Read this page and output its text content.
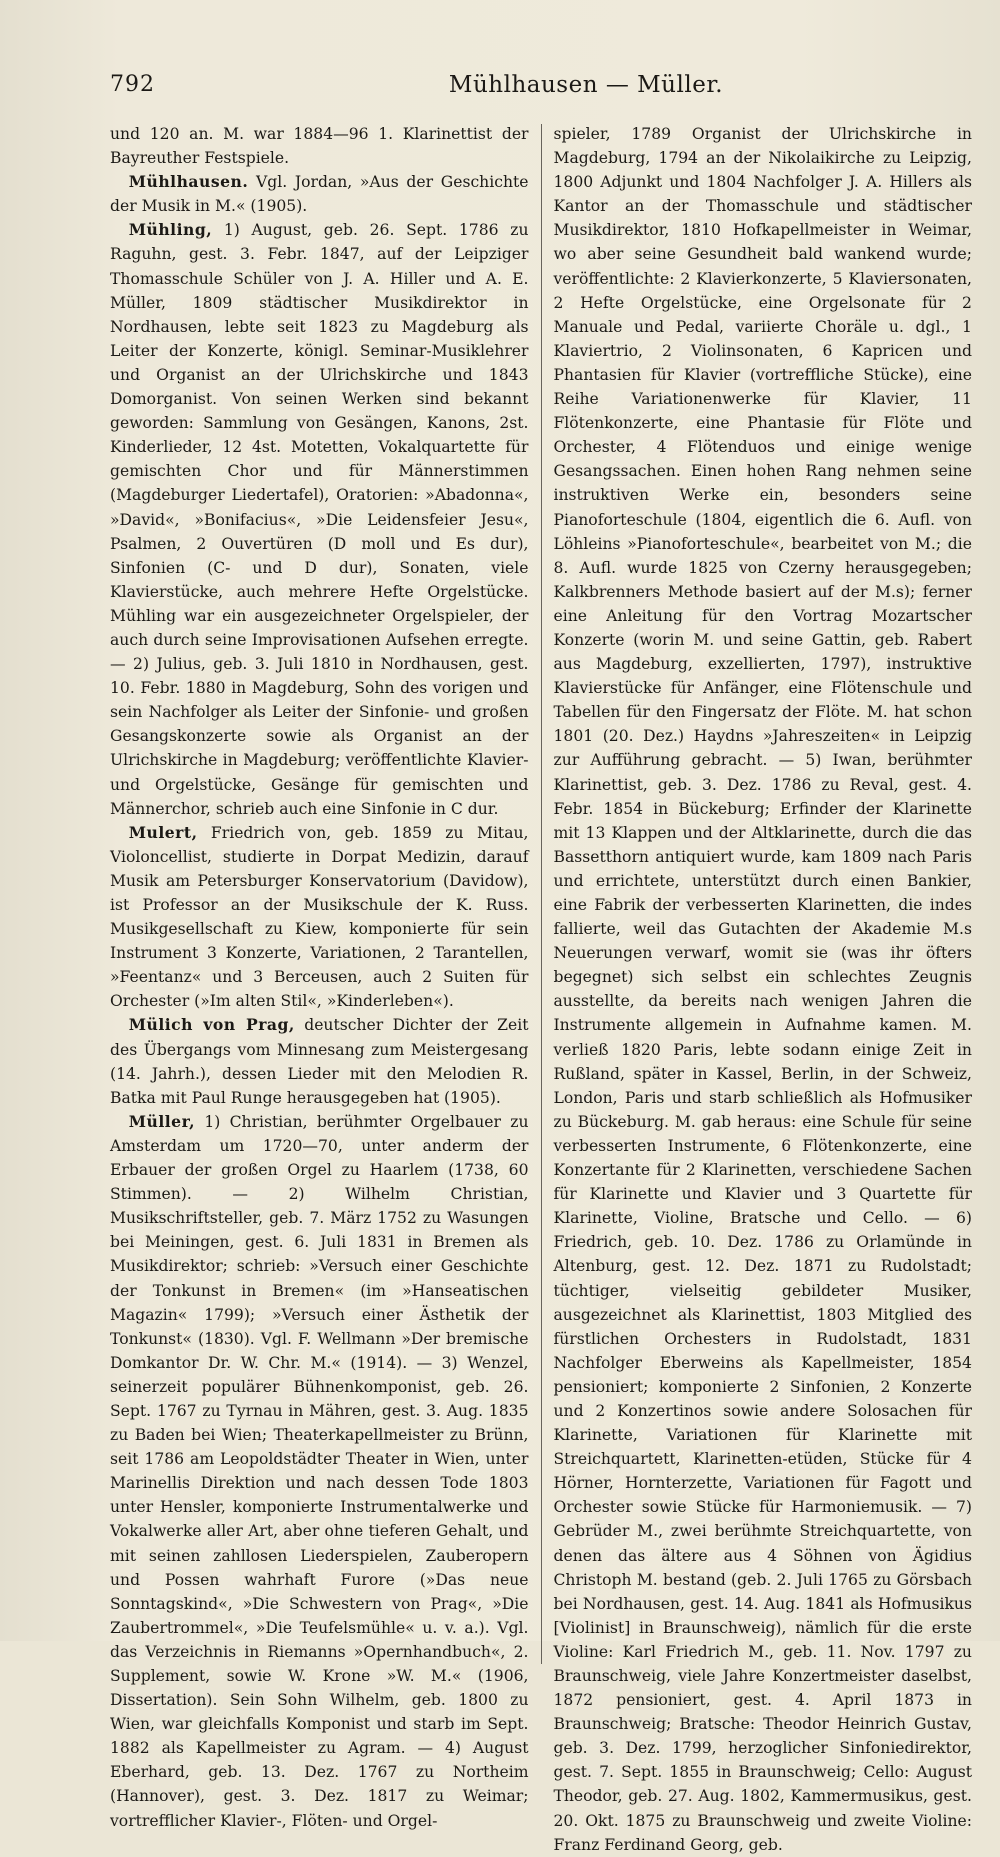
792	Mühlhausen — Müller.

und 120 an. M. war 1884—96 1. Klarinettist der Bayreuther Festspiele.

Mühlhausen. Vgl. Jordan, »Aus der Geschichte der Musik in M.« (1905).

Mühling, 1) August, geb. 26. Sept. 1786 zu Raguhn, gest. 3. Febr. 1847, auf der Leipziger Thomasschule Schüler von J. A. Hiller und A. E. Müller, 1809 städtischer Musikdirektor in Nordhausen, lebte seit 1823 zu Magdeburg als Leiter der Konzerte, königl. Seminar-Musiklehrer und Organist an der Ulrichskirche und 1843 Domorganist. Von seinen Werken sind bekannt geworden: Sammlung von Gesängen, Kanons, 2st. Kinderlieder, 12 4st. Motetten, Vokalquartette für gemischten Chor und für Männerstimmen (Magdeburger Liedertafel), Oratorien: »Abadonna«, »David«, »Bonifacius«, »Die Leidensfeier Jesu«, Psalmen, 2 Ouvertüren (D moll und Es dur), Sinfonien (C- und D dur), Sonaten, viele Klavierstücke, auch mehrere Hefte Orgelstücke. Mühling war ein ausgezeichneter Orgelspieler, der auch durch seine Improvisationen Aufsehen erregte. — 2) Julius, geb. 3. Juli 1810 in Nordhausen, gest. 10. Febr. 1880 in Magdeburg, Sohn des vorigen und sein Nachfolger als Leiter der Sinfonie- und großen Gesangskonzerte sowie als Organist an der Ulrichskirche in Magdeburg; veröffentlichte Klavier- und Orgelstücke, Gesänge für gemischten und Männerchor, schrieb auch eine Sinfonie in C dur.

Mulert, Friedrich von, geb. 1859 zu Mitau, Violoncellist, studierte in Dorpat Medizin, darauf Musik am Petersburger Konservatorium (Davidow), ist Professor an der Musikschule der K. Russ. Musikgesellschaft zu Kiew, komponierte für sein Instrument 3 Konzerte, Variationen, 2 Tarantellen, »Feentanz« und 3 Berceusen, auch 2 Suiten für Orchester (»Im alten Stil«, »Kinderleben«).

Mülich von Prag, deutscher Dichter der Zeit des Übergangs vom Minnesang zum Meistergesang (14. Jahrh.), dessen Lieder mit den Melodien R. Batka mit Paul Runge herausgegeben hat (1905).

Müller, 1) Christian, berühmter Orgelbauer zu Amsterdam um 1720—70, unter anderm der Erbauer der großen Orgel zu Haarlem (1738, 60 Stimmen). — 2) Wilhelm Christian, Musikschriftsteller, geb. 7. März 1752 zu Wasungen bei Meiningen, gest. 6. Juli 1831 in Bremen als Musikdirektor; schrieb: »Versuch einer Geschichte der Tonkunst in Bremen« (im »Hanseatischen Magazin« 1799); »Versuch einer Ästhetik der Tonkunst« (1830). Vgl. F. Wellmann »Der bremische Domkantor Dr. W. Chr. M.« (1914). — 3) Wenzel, seinerzeit populärer Bühnenkomponist, geb. 26. Sept. 1767 zu Tyrnau in Mähren, gest. 3. Aug. 1835 zu Baden bei Wien; Theaterkapellmeister zu Brünn, seit 1786 am Leopoldstädter Theater in Wien, unter Marinellis Direktion und nach dessen Tode 1803 unter Hensler, komponierte Instrumentalwerke und Vokalwerke aller Art, aber ohne tieferen Gehalt, und mit seinen zahllosen Liederspielen, Zauberopern und Possen wahrhaft Furore (»Das neue Sonntagskind«, »Die Schwestern von Prag«, »Die Zaubertrommel«, »Die Teufelsmühle« u. v. a.). Vgl. das Verzeichnis in Riemanns »Opernhandbuch«, 2. Supplement, sowie W. Krone »W. M.« (1906, Dissertation). Sein Sohn Wilhelm, geb. 1800 zu Wien, war gleichfalls Komponist und starb im Sept. 1882 als Kapellmeister zu Agram. — 4) August Eberhard, geb. 13. Dez. 1767 zu Northeim (Hannover), gest. 3. Dez. 1817 zu Weimar; vortrefflicher Klavier-, Flöten- und Orgel-

spieler, 1789 Organist der Ulrichskirche in Magdeburg, 1794 an der Nikolaikirche zu Leipzig, 1800 Adjunkt und 1804 Nachfolger J. A. Hillers als Kantor an der Thomasschule und städtischer Musikdirektor, 1810 Hofkapellmeister in Weimar, wo aber seine Gesundheit bald wankend wurde; veröffentlichte: 2 Klavierkonzerte, 5 Klaviersonaten, 2 Hefte Orgelstücke, eine Orgelsonate für 2 Manuale und Pedal, variierte Choräle u. dgl., 1 Klaviertrio, 2 Violinsonaten, 6 Kapricen und Phantasien für Klavier (vortreffliche Stücke), eine Reihe Variationenwerke für Klavier, 11 Flötenkonzerte, eine Phantasie für Flöte und Orchester, 4 Flötenduos und einige wenige Gesangssachen. Einen hohen Rang nehmen seine instruktiven Werke ein, besonders seine Pianoforteschule (1804, eigentlich die 6. Aufl. von Löhleins »Pianoforteschule«, bearbeitet von M.; die 8. Aufl. wurde 1825 von Czerny herausgegeben; Kalkbrenners Methode basiert auf der M.s); ferner eine Anleitung für den Vortrag Mozartscher Konzerte (worin M. und seine Gattin, geb. Rabert aus Magdeburg, exzellierten, 1797), instruktive Klavierstücke für Anfänger, eine Flötenschule und Tabellen für den Fingersatz der Flöte. M. hat schon 1801 (20. Dez.) Haydns »Jahreszeiten« in Leipzig zur Aufführung gebracht. — 5) Iwan, berühmter Klarinettist, geb. 3. Dez. 1786 zu Reval, gest. 4. Febr. 1854 in Bückeburg; Erfinder der Klarinette mit 13 Klappen und der Altklarinette, durch die das Bassetthorn antiquiert wurde, kam 1809 nach Paris und errichtete, unterstützt durch einen Bankier, eine Fabrik der verbesserten Klarinetten, die indes fallierte, weil das Gutachten der Akademie M.s Neuerungen verwarf, womit sie (was ihr öfters begegnet) sich selbst ein schlechtes Zeugnis ausstellte, da bereits nach wenigen Jahren die Instrumente allgemein in Aufnahme kamen. M. verließ 1820 Paris, lebte sodann einige Zeit in Rußland, später in Kassel, Berlin, in der Schweiz, London, Paris und starb schließlich als Hofmusiker zu Bückeburg. M. gab heraus: eine Schule für seine verbesserten Instrumente, 6 Flötenkonzerte, eine Konzertante für 2 Klarinetten, verschiedene Sachen für Klarinette und Klavier und 3 Quartette für Klarinette, Violine, Bratsche und Cello. — 6) Friedrich, geb. 10. Dez. 1786 zu Orlamünde in Altenburg, gest. 12. Dez. 1871 zu Rudolstadt; tüchtiger, vielseitig gebildeter Musiker, ausgezeichnet als Klarinettist, 1803 Mitglied des fürstlichen Orchesters in Rudolstadt, 1831 Nachfolger Eberweins als Kapellmeister, 1854 pensioniert; komponierte 2 Sinfonien, 2 Konzerte und 2 Konzertinos sowie andere Solosachen für Klarinette, Variationen für Klarinette mit Streichquartett, Klarinetten-etüden, Stücke für 4 Hörner, Hornterzette, Variationen für Fagott und Orchester sowie Stücke für Harmoniemusik. — 7) Gebrüder M., zwei berühmte Streichquartette, von denen das ältere aus 4 Söhnen von Ägidius Christoph M. bestand (geb. 2. Juli 1765 zu Görsbach bei Nordhausen, gest. 14. Aug. 1841 als Hofmusikus [Violinist] in Braunschweig), nämlich für die erste Violine: Karl Friedrich M., geb. 11. Nov. 1797 zu Braunschweig, viele Jahre Konzertmeister daselbst, 1872 pensioniert, gest. 4. April 1873 in Braunschweig; Bratsche: Theodor Heinrich Gustav, geb. 3. Dez. 1799, herzoglicher Sinfoniedirektor, gest. 7. Sept. 1855 in Braunschweig; Cello: August Theodor, geb. 27. Aug. 1802, Kammermusikus, gest. 20. Okt. 1875 zu Braunschweig und zweite Violine: Franz Ferdinand Georg, geb.
